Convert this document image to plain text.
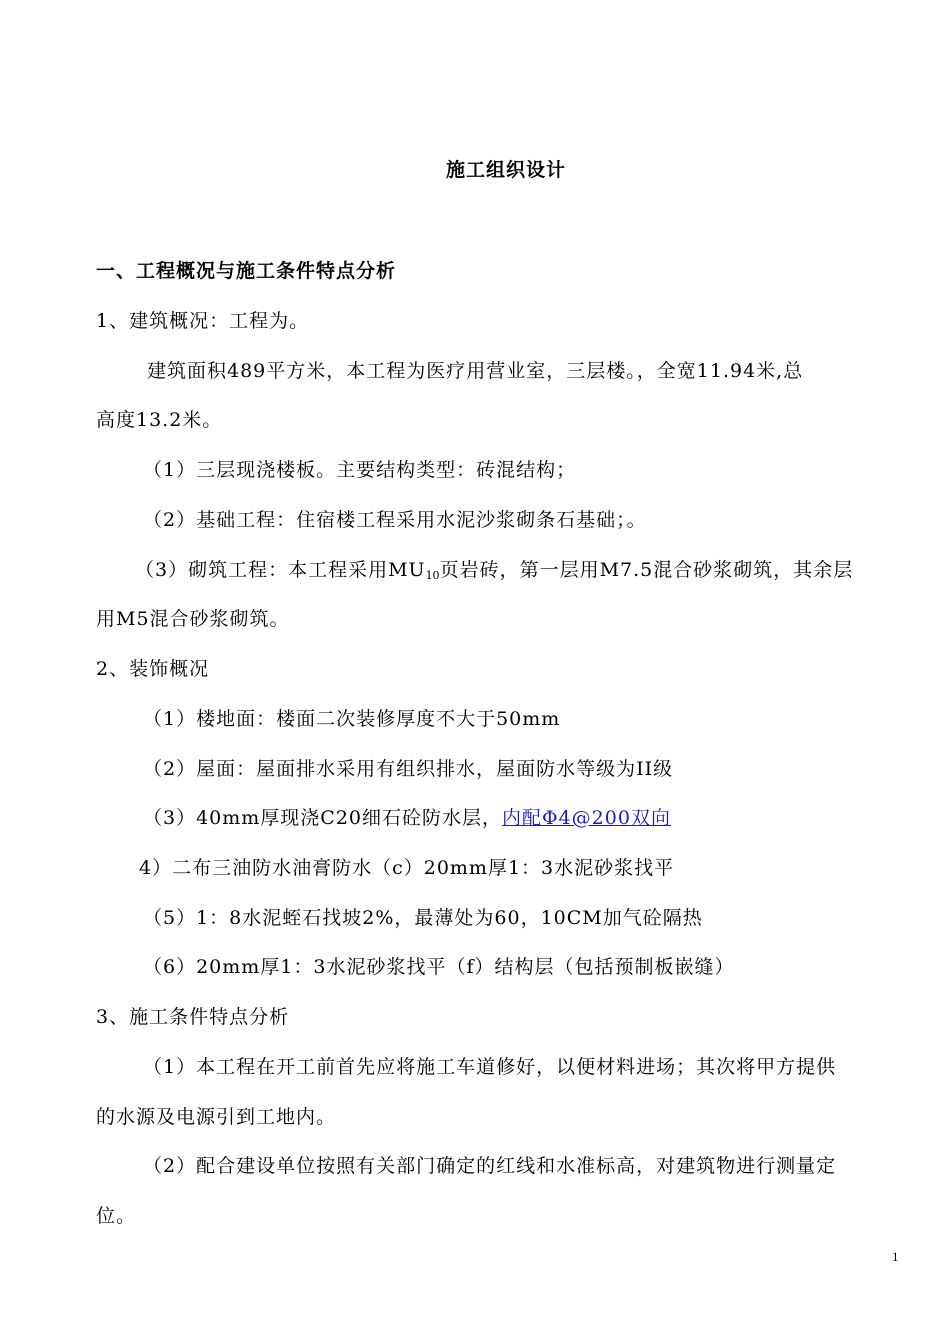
施工组织设计
一、工程概况与施工条件特点分析
1、建筑概况：工程为。
建筑面积489平方米，本工程为医疗用营业室，三层楼。，全宽11.94米,总
高度13.2米。
（1）三层现浇楼板。主要结构类型：砖混结构；
（2）基础工程：住宿楼工程采用水泥沙浆砌条石基础；。
（3）砌筑工程：本工程采用$MU_{10}$页岩砖，第一层用M7.5混合砂浆砌筑，其余层
用M5混合砂浆砌筑。
2、装饰概况
（1）楼地面：楼面二次装修厚度不大于50mm
（2）屋面：屋面排水采用有组织排水，屋面防水等级为II级
（3）40mm厚现浇C20细石砼防水层，内配Φ4@200双向
4）二布三油防水油膏防水（c）20mm厚1：3水泥砂浆找平
（5）1：8水泥蛭石找坡2%，最薄处为60，10CM加气砼隔热
（6）20mm厚1：3水泥砂浆找平（f）结构层（包括预制板嵌缝）
3、施工条件特点分析
（1）本工程在开工前首先应将施工车道修好，以便材料进场；其次将甲方提供
的水源及电源引到工地内。
（2）配合建设单位按照有关部门确定的红线和水准标高，对建筑物进行测量定
位。
1
